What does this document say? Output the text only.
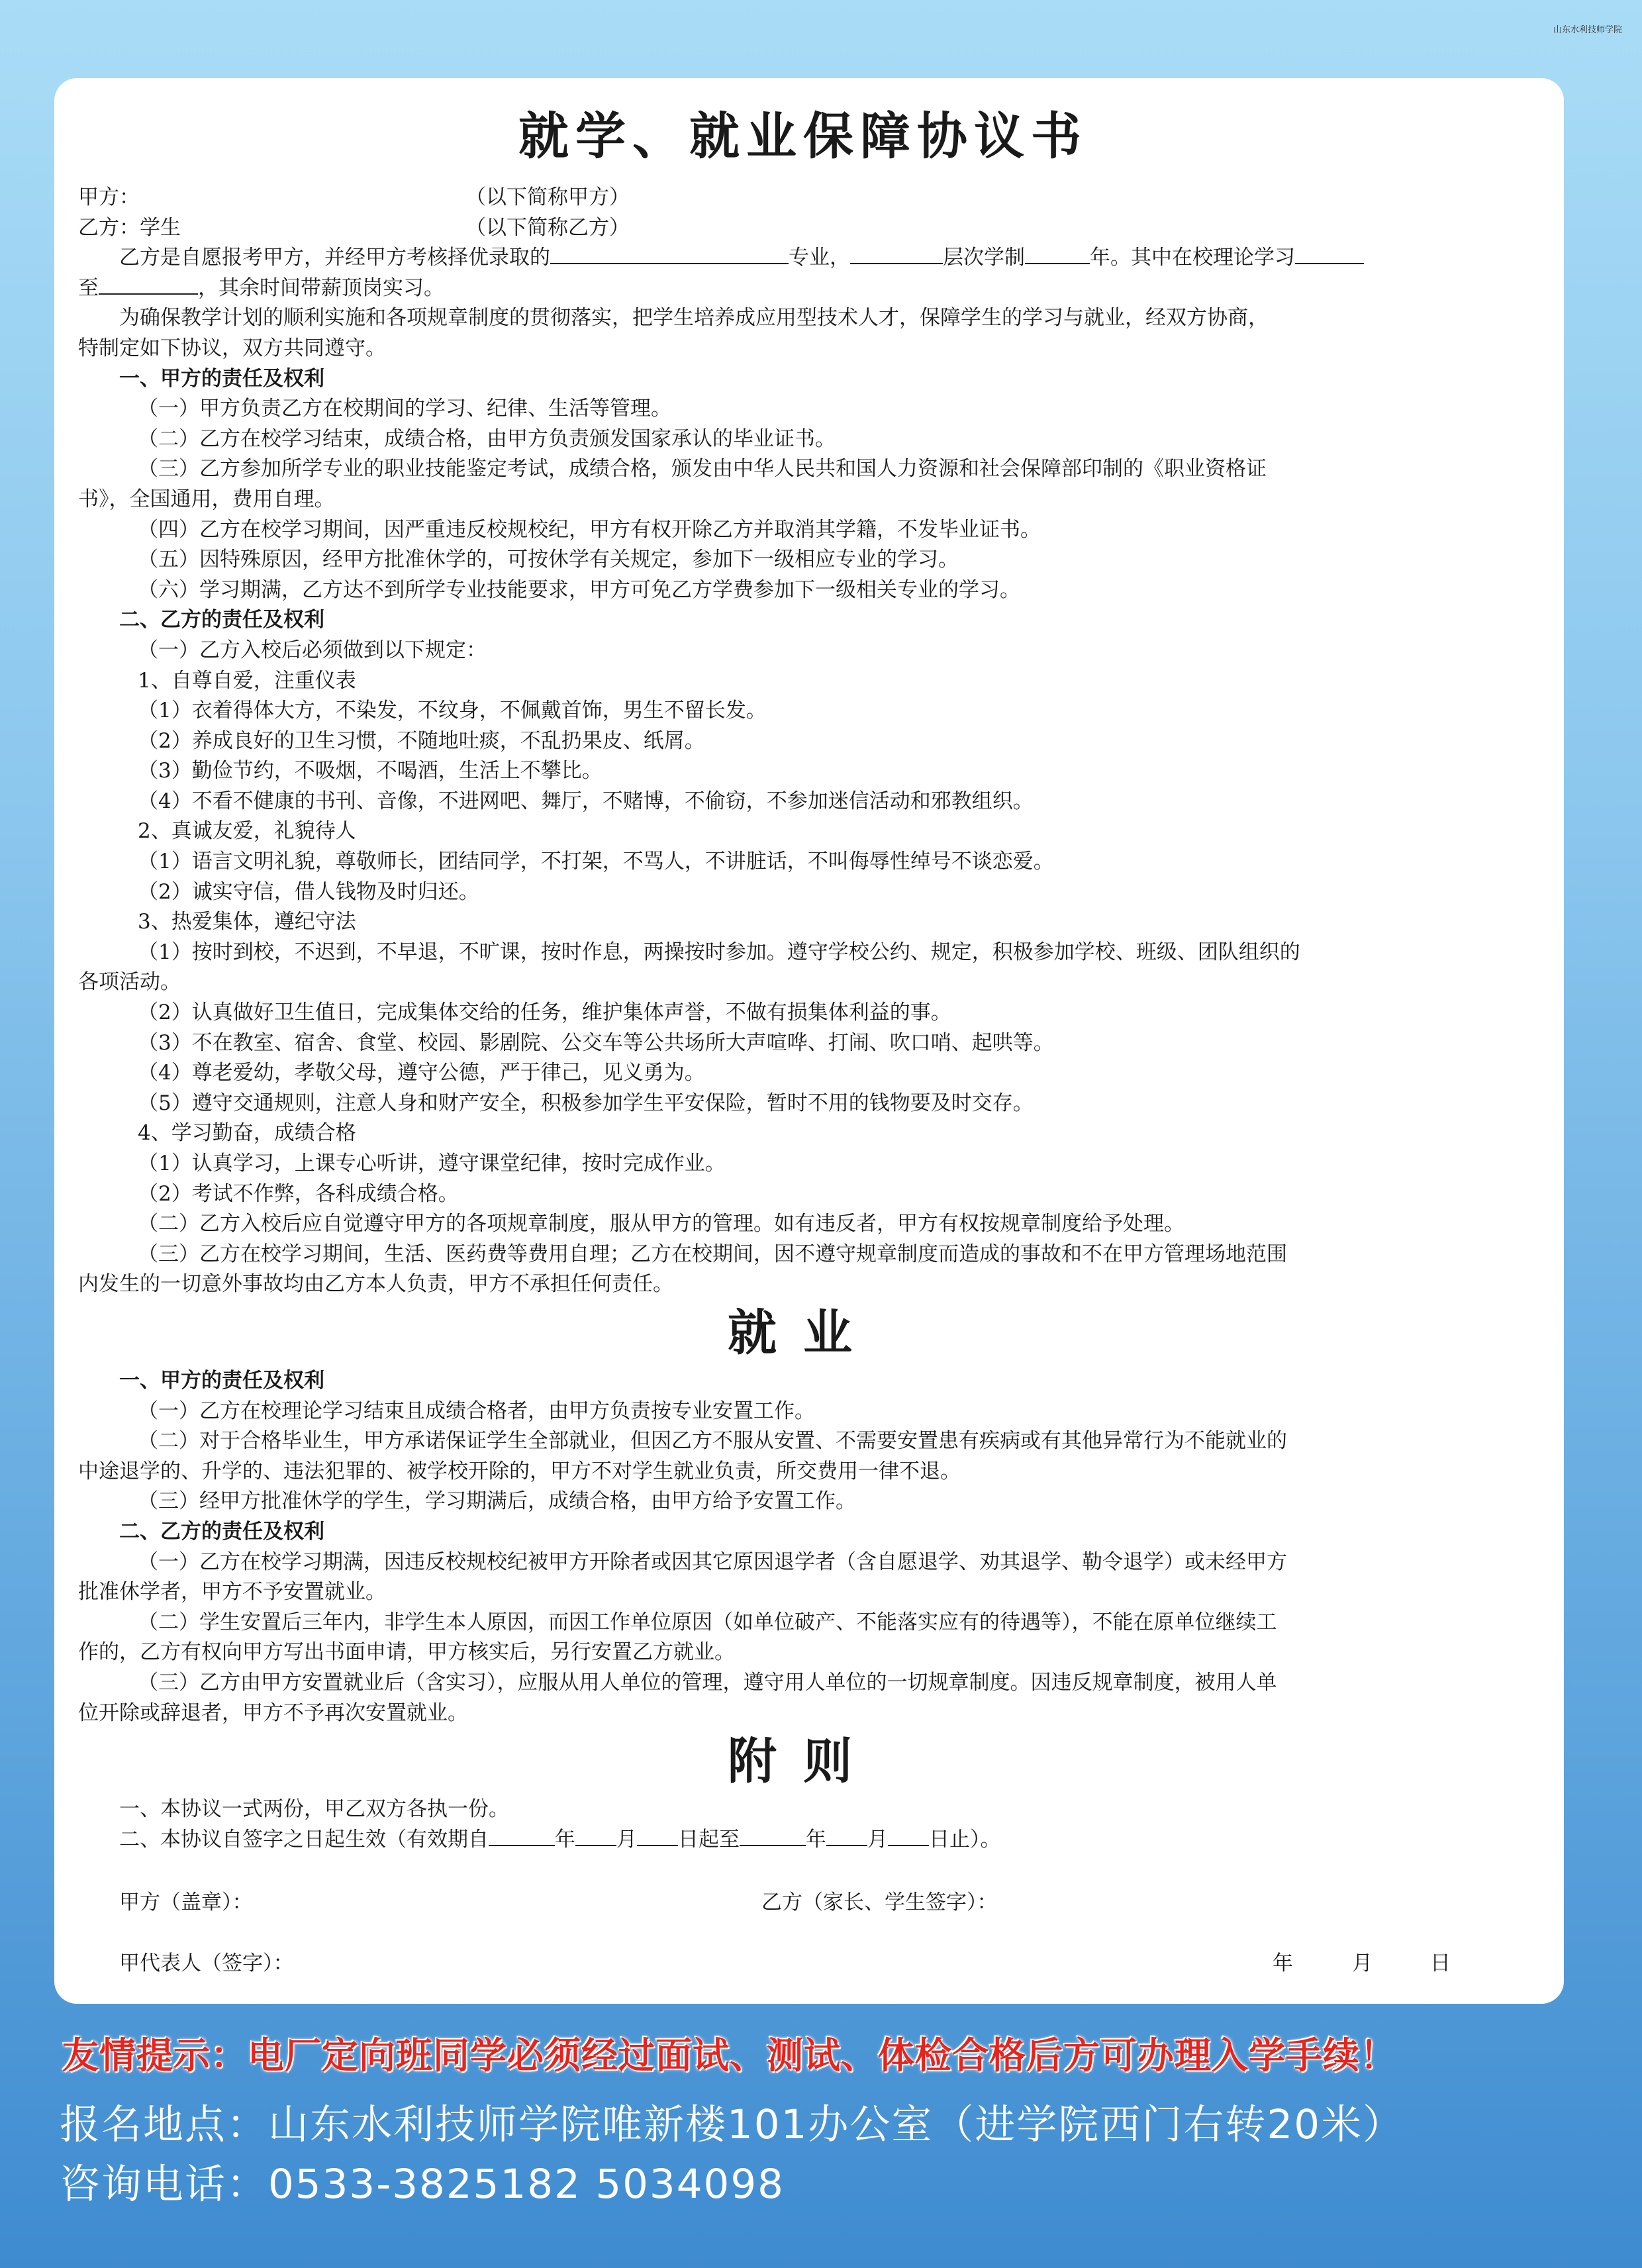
山东水利技师学院
就学、就业保障协议书
甲方：	（以下简称甲方）
乙方：学生	（以下简称乙方）
乙方是自愿报考甲方，并经甲方考核择优录取的	专业，	层次学制	年。其中在校理论学习
至	，其余时间带薪顶岗实习。
为确保教学计划的顺利实施和各项规章制度的贯彻落实，把学生培养成应用型技术人才，保障学生的学习与就业，经双方协商，
特制定如下协议，双方共同遵守。
一、甲方的责任及权利
（一）甲方负责乙方在校期间的学习、纪律、生活等管理。
（二）乙方在校学习结束，成绩合格，由甲方负责颁发国家承认的毕业证书。
（三）乙方参加所学专业的职业技能鉴定考试，成绩合格，颁发由中华人民共和国人力资源和社会保障部印制的《职业资格证
书》，全国通用，费用自理。
（四）乙方在校学习期间，因严重违反校规校纪，甲方有权开除乙方并取消其学籍，不发毕业证书。
（五）因特殊原因，经甲方批准休学的，可按休学有关规定，参加下一级相应专业的学习。
（六）学习期满，乙方达不到所学专业技能要求，甲方可免乙方学费参加下一级相关专业的学习。
二、乙方的责任及权利
（一）乙方入校后必须做到以下规定：
1、自尊自爱，注重仪表
（1）衣着得体大方，不染发，不纹身，不佩戴首饰，男生不留长发。
（2）养成良好的卫生习惯，不随地吐痰，不乱扔果皮、纸屑。
（3）勤俭节约，不吸烟，不喝酒，生活上不攀比。
（4）不看不健康的书刊、音像，不进网吧、舞厅，不赌博，不偷窃，不参加迷信活动和邪教组织。
2、真诚友爱，礼貌待人
（1）语言文明礼貌，尊敬师长，团结同学，不打架，不骂人，不讲脏话，不叫侮辱性绰号不谈恋爱。
（2）诚实守信，借人钱物及时归还。
3、热爱集体，遵纪守法
（1）按时到校，不迟到，不早退，不旷课，按时作息，两操按时参加。遵守学校公约、规定，积极参加学校、班级、团队组织的
各项活动。
（2）认真做好卫生值日，完成集体交给的任务，维护集体声誉，不做有损集体利益的事。
（3）不在教室、宿舍、食堂、校园、影剧院、公交车等公共场所大声喧哗、打闹、吹口哨、起哄等。
（4）尊老爱幼，孝敬父母，遵守公德，严于律己，见义勇为。
（5）遵守交通规则，注意人身和财产安全，积极参加学生平安保险，暂时不用的钱物要及时交存。
4、学习勤奋，成绩合格
（1）认真学习，上课专心听讲，遵守课堂纪律，按时完成作业。
（2）考试不作弊，各科成绩合格。
（二）乙方入校后应自觉遵守甲方的各项规章制度，服从甲方的管理。如有违反者，甲方有权按规章制度给予处理。
（三）乙方在校学习期间，生活、医药费等费用自理；乙方在校期间，因不遵守规章制度而造成的事故和不在甲方管理场地范围
内发生的一切意外事故均由乙方本人负责，甲方不承担任何责任。
就业
一、甲方的责任及权利
（一）乙方在校理论学习结束且成绩合格者，由甲方负责按专业安置工作。
（二）对于合格毕业生，甲方承诺保证学生全部就业，但因乙方不服从安置、不需要安置患有疾病或有其他异常行为不能就业的
中途退学的、升学的、违法犯罪的、被学校开除的，甲方不对学生就业负责，所交费用一律不退。
（三）经甲方批准休学的学生，学习期满后，成绩合格，由甲方给予安置工作。
二、乙方的责任及权利
（一）乙方在校学习期满，因违反校规校纪被甲方开除者或因其它原因退学者（含自愿退学、劝其退学、勒令退学）或未经甲方
批准休学者，甲方不予安置就业。
（二）学生安置后三年内，非学生本人原因，而因工作单位原因（如单位破产、不能落实应有的待遇等），不能在原单位继续工
作的，乙方有权向甲方写出书面申请，甲方核实后，另行安置乙方就业。
（三）乙方由甲方安置就业后（含实习），应服从用人单位的管理，遵守用人单位的一切规章制度。因违反规章制度，被用人单
位开除或辞退者，甲方不予再次安置就业。
附则
一、本协议一式两份，甲乙双方各执一份。
二、本协议自签字之日起生效（有效期自	年 月 日起至	年 月 日止）。
甲方（盖章）：	乙方（家长、学生签字）：
甲代表人（签字）：	年	月	日
友情提示：电厂定向班同学必须经过面试、测试、体检合格后方可办理入学手续！
报名地点：山东水利技师学院唯新楼101办公室（进学院西门右转20米）
咨询电话：0533-3825182 5034098
